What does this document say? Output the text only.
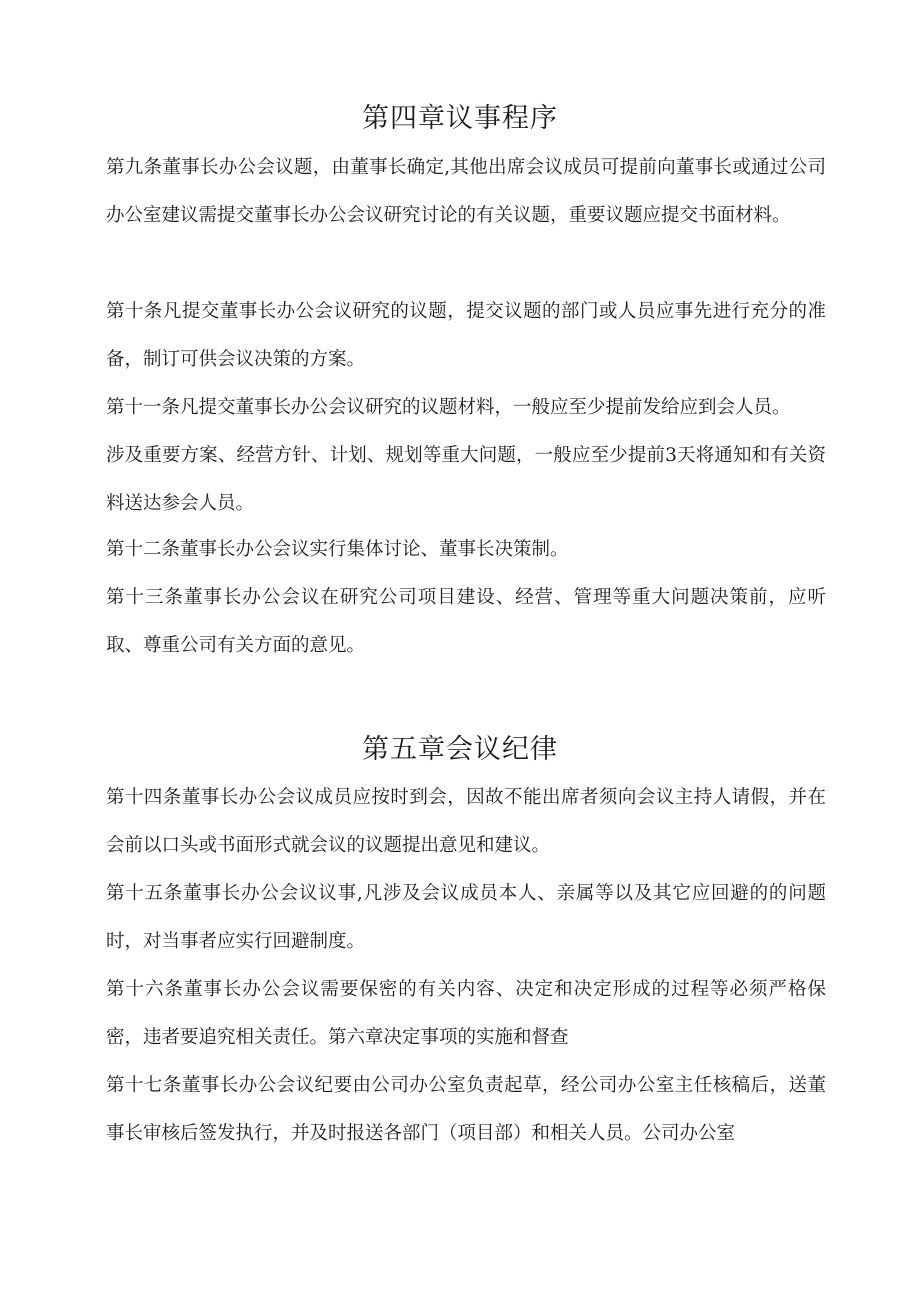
第四章议事程序

第九条董事长办公会议题，由董事长确定,其他出席会议成员可提前向董事长或通过公司办公室建议需提交董事长办公会议研究讨论的有关议题，重要议题应提交书面材料。

第十条凡提交董事长办公会议研究的议题，提交议题的部门或人员应事先进行充分的准备，制订可供会议决策的方案。

第十一条凡提交董事长办公会议研究的议题材料，一般应至少提前发给应到会人员。

涉及重要方案、经营方针、计划、规划等重大问题，一般应至少提前3天将通知和有关资料送达参会人员。

第十二条董事长办公会议实行集体讨论、董事长决策制。

第十三条董事长办公会议在研究公司项目建设、经营、管理等重大问题决策前，应听取、尊重公司有关方面的意见。

第五章会议纪律

第十四条董事长办公会议成员应按时到会，因故不能出席者须向会议主持人请假，并在会前以口头或书面形式就会议的议题提出意见和建议。

第十五条董事长办公会议议事,凡涉及会议成员本人、亲属等以及其它应回避的的问题时，对当事者应实行回避制度。

第十六条董事长办公会议需要保密的有关内容、决定和决定形成的过程等必须严格保密，违者要追究相关责任。第六章决定事项的实施和督查

第十七条董事长办公会议纪要由公司办公室负责起草，经公司办公室主任核稿后，送董事长审核后签发执行，并及时报送各部门（项目部）和相关人员。公司办公室
